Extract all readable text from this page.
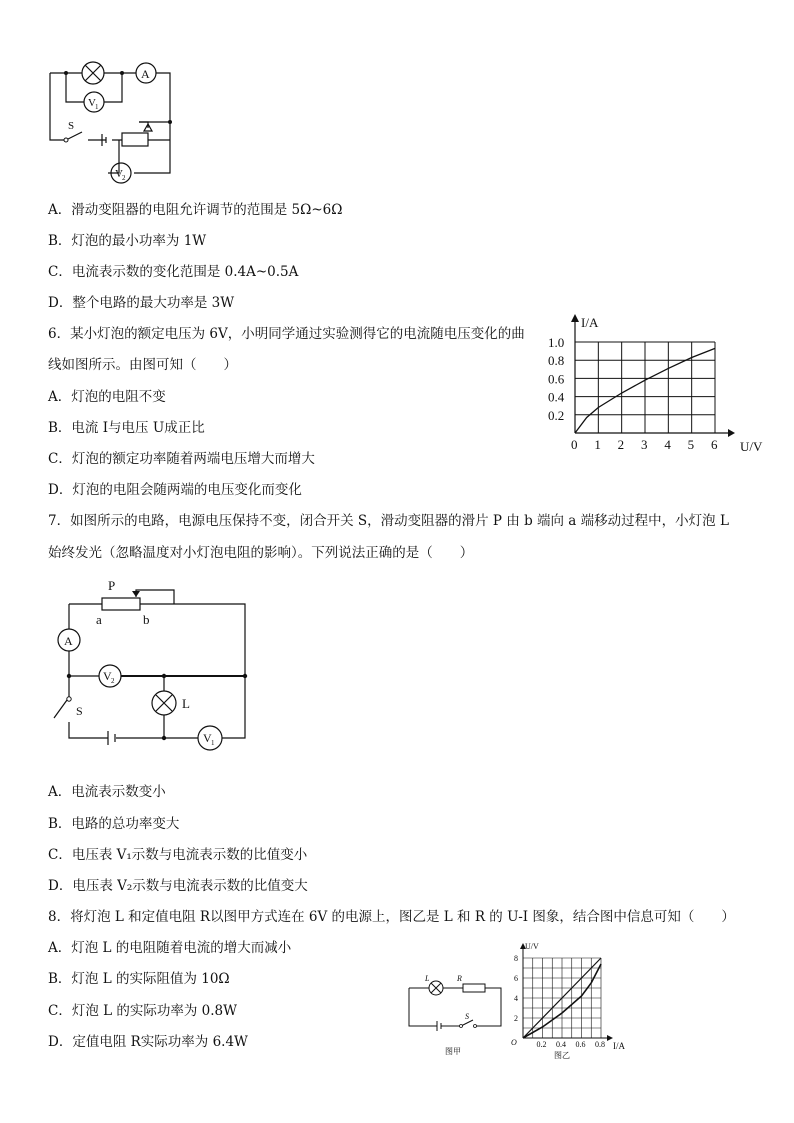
A
V 1
V 2
S
A．滑动变阻器的电阻允许调节的范围是 5Ω~6Ω
B．灯泡的最小功率为 1W
C．电流表示数的变化范围是 0.4A~0.5A
D．整个电路的最大功率是 3W
6．某小灯泡的额定电压为 6V，小明同学通过实验测得它的电流随电压变化的曲
线如图所示。由图可知（　　）
A．灯泡的电阻不变
B．电流 I与电压 U成正比
C．灯泡的额定功率随着两端电压增大而增大
D．灯泡的电阻会随两端的电压变化而变化
0 1 2 3 4 5 6
0.2
0.4
0.6
0.8
1.0
I/A
U/V
7．如图所示的电路，电源电压保持不变，闭合开关 S，滑动变阻器的滑片 P 由 b 端向 a 端移动过程中，小灯泡 L
始终发光（忽略温度对小灯泡电阻的影响）。下列说法正确的是（　　）
P
a	b
A
V 2
L
S
V 1
A．电流表示数变小
B．电路的总功率变大
C．电压表 V₁示数与电流表示数的比值变小
D．电压表 V₂示数与电流表示数的比值变大
8．将灯泡 L 和定值电阻 R以图甲方式连在 6V 的电源上，图乙是 L 和 R 的 U-I 图象，结合图中信息可知（　　）
A．灯泡 L 的电阻随着电流的增大而减小
B．灯泡 L 的实际阻值为 10Ω
C．灯泡 L 的实际功率为 0.8W
D．定值电阻 R实际功率为 6.4W
L	R
S
图甲
0.2 0.4 0.6 0.8
2
4
6
8
O
U/V
I/A
图乙
